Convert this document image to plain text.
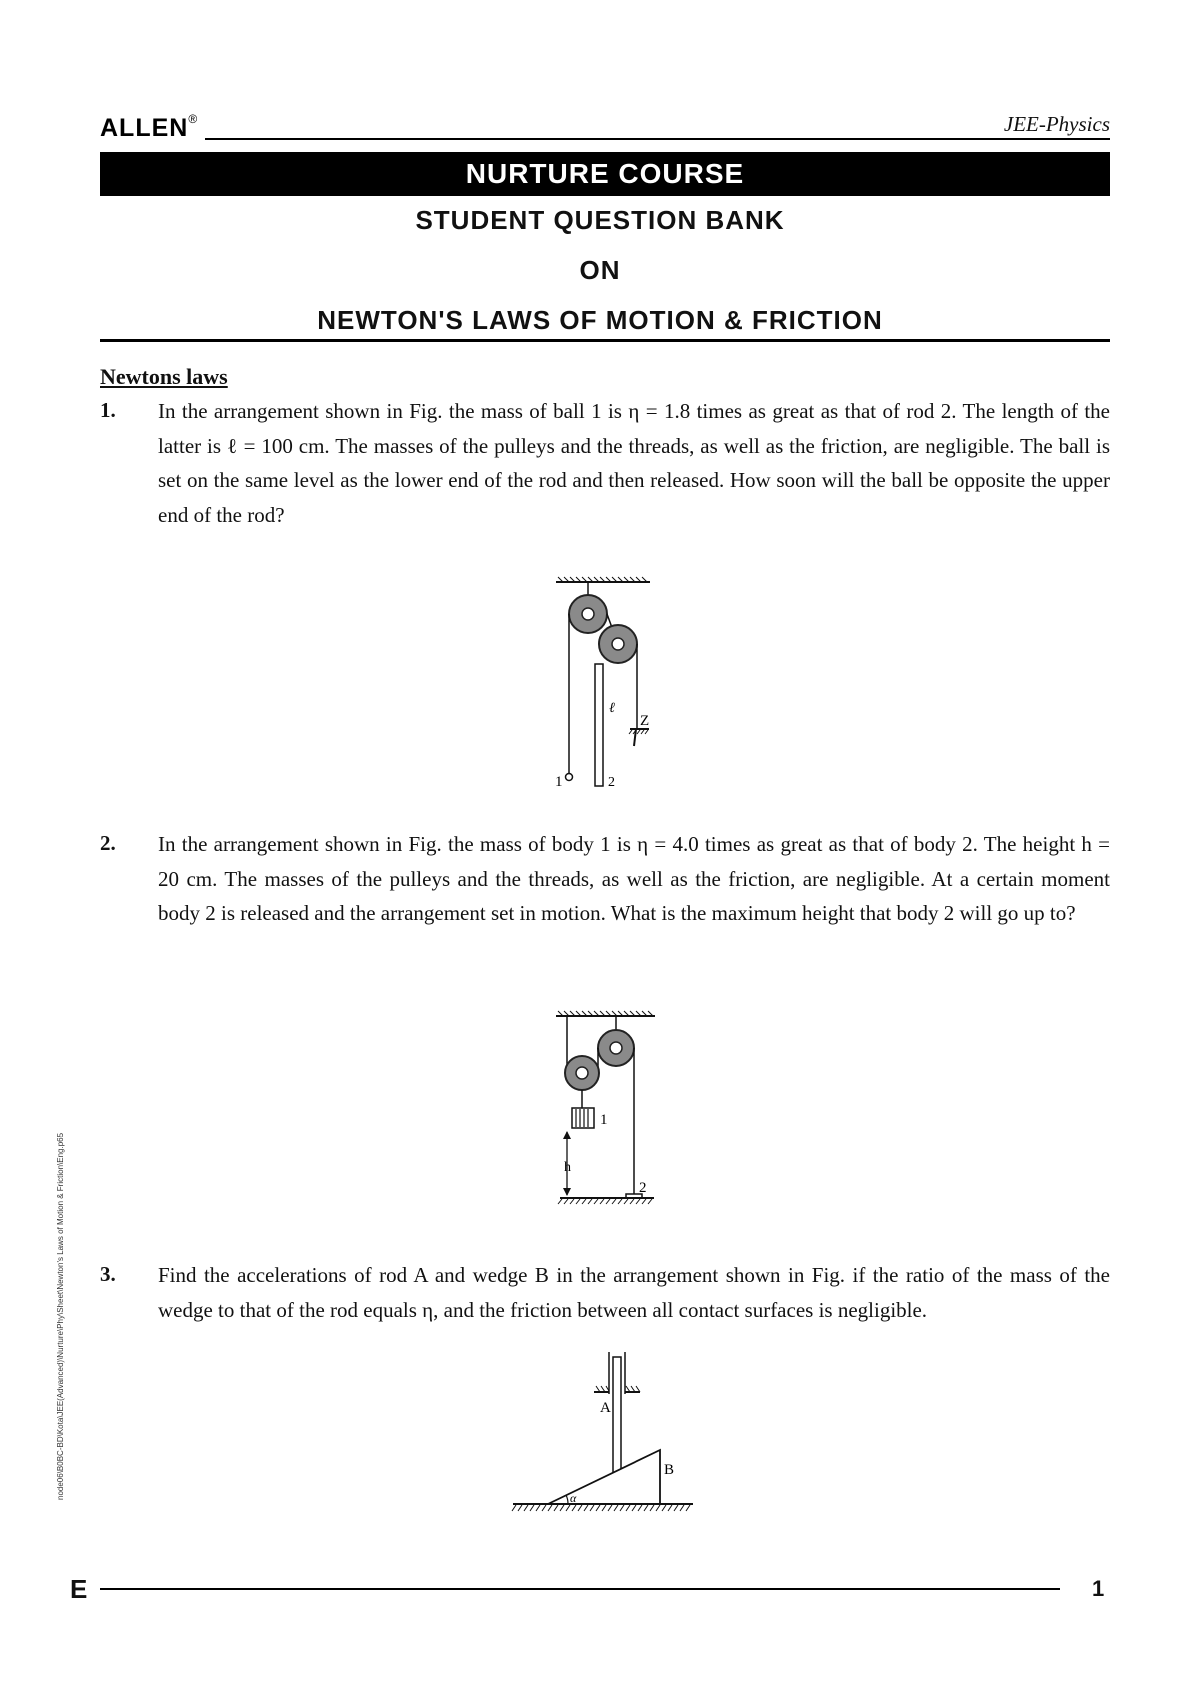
ALLEN®	JEE-Physics
NURTURE COURSE
STUDENT QUESTION BANK
ON
NEWTON'S LAWS OF MOTION & FRICTION
Newtons laws
1. In the arrangement shown in Fig. the mass of ball 1 is η = 1.8 times as great as that of rod 2. The length of the latter is ℓ = 100 cm. The masses of the pulleys and the threads, as well as the friction, are negligible. The ball is set on the same level as the lower end of the rod and then released. How soon will the ball be opposite the upper end of the rod?
ℓ
Z
1	2
2. In the arrangement shown in Fig. the mass of body 1 is η = 4.0 times as great as that of body 2. The height h = 20 cm. The masses of the pulleys and the threads, as well as the friction, are negligible. At a certain moment body 2 is released and the arrangement set in motion. What is the maximum height that body 2 will go up to?
1
h
2
3. Find the accelerations of rod A and wedge B in the arrangement shown in Fig. if the ratio of the mass of the wedge to that of the rod equals η, and the friction between all contact surfaces is negligible.
A
B
α
node06\B0BC-BD\Kota\JEE(Advanced)\Nurture\Phy\Sheet\Newton's Laws of Motion & Friction\Eng.p65
E	1
